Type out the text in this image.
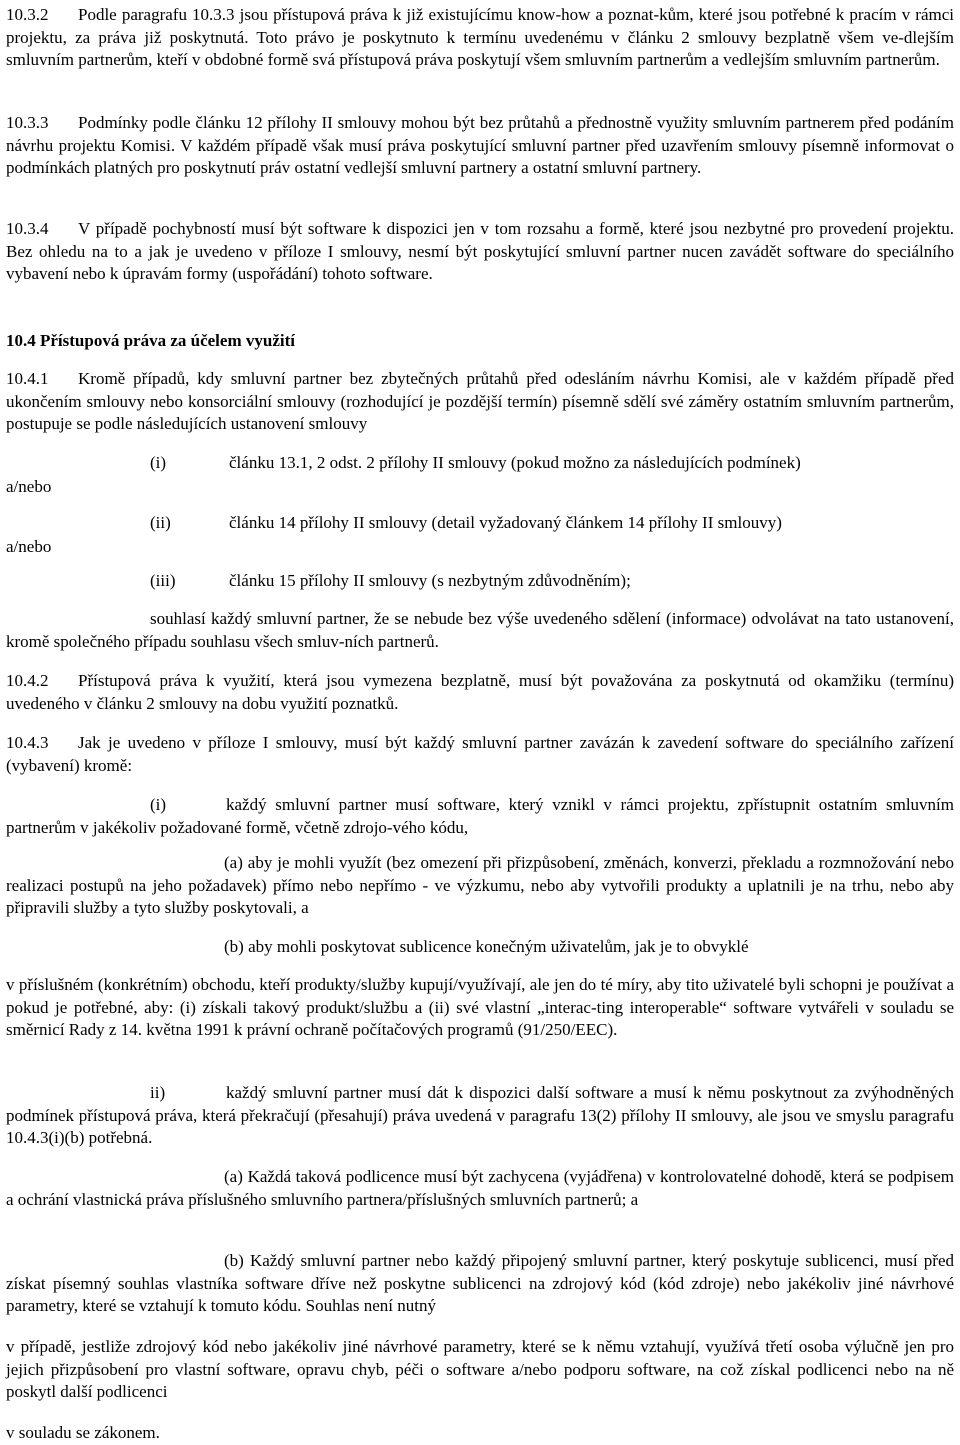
10.3.2 Podle paragrafu 10.3.3 jsou přístupová práva k již existujícímu know-how a poznat-kům, které jsou potřebné k pracím v rámci projektu, za práva již poskytnutá. Toto právo je poskytnuto k termínu uvedenému v článku 2 smlouvy bezplatně všem ve-dlejším smluvním partnerům, kteří v obdobné formě svá přístupová práva poskytují všem smluvním partnerům a vedlejším smluvním partnerům.

10.3.3 Podmínky podle článku 12 přílohy II smlouvy mohou být bez průtahů a přednostně využity smluvním partnerem před podáním návrhu projektu Komisi. V každém případě však musí práva poskytující smluvní partner před uzavřením smlouvy písemně informovat o podmínkách platných pro poskytnutí práv ostatní vedlejší smluvní partnery a ostatní smluvní partnery.

10.3.4 V případě pochybností musí být software k dispozici jen v tom rozsahu a formě, které jsou nezbytné pro provedení projektu. Bez ohledu na to a jak je uvedeno v příloze I smlouvy, nesmí být poskytující smluvní partner nucen zavádět software do speciálního vybavení nebo k úpravám formy (uspořádání) tohoto software.

10.4 Přístupová práva za účelem využití

10.4.1 Kromě případů, kdy smluvní partner bez zbytečných průtahů před odesláním návrhu Komisi, ale v každém případě před ukončením smlouvy nebo konsorciální smlouvy (rozhodující je pozdější termín) písemně sdělí své záměry ostatním smluvním partnerům, postupuje se podle následujících ustanovení smlouvy

(i)	článku 13.1, 2 odst. 2 přílohy II smlouvy (pokud možno za následujících podmínek)
a/nebo
(ii)	článku 14 přílohy II smlouvy (detail vyžadovaný článkem 14 přílohy II smlouvy)
a/nebo
(iii)	článku 15 přílohy II smlouvy (s nezbytným zdůvodněním);

souhlasí každý smluvní partner, že se nebude bez výše uvedeného sdělení (informace) odvolávat na tato ustanovení, kromě společného případu souhlasu všech smluv-ních partnerů.

10.4.2 Přístupová práva k využití, která jsou vymezena bezplatně, musí být považována za poskytnutá od okamžiku (termínu) uvedeného v článku 2 smlouvy na dobu využití poznatků.

10.4.3 Jak je uvedeno v příloze I smlouvy, musí být každý smluvní partner zavázán k zavedení software do speciálního zařízení (vybavení) kromě:

(i)	každý smluvní partner musí software, který vznikl v rámci projektu, zpřístupnit ostatním smluvním partnerům v jakékoliv požadované formě, včetně zdrojo-vého kódu,

(a) aby je mohli využít (bez omezení při přizpůsobení, změnách, konverzi, překladu a rozmnožování nebo realizaci postupů na jeho požadavek) přímo nebo nepřímo - ve výzkumu, nebo aby vytvořili produkty a uplatnili je na trhu, nebo aby připravili služby a tyto služby poskytovali, a

(b) aby mohli poskytovat sublicence konečným uživatelům, jak je to obvyklé

v příslušném (konkrétním) obchodu, kteří produkty/služby kupují/využívají, ale jen do té míry, aby tito uživatelé byli schopni je používat a pokud je potřebné, aby: (i) získali takový produkt/službu a (ii) své vlastní „interac-ting interoperable“ software vytvářeli v souladu se směrnicí Rady z 14. května 1991 k právní ochraně počítačových programů (91/250/EEC).

ii)	každý smluvní partner musí dát k dispozici další software a musí k němu poskytnout za zvýhodněných podmínek přístupová práva, která překračují (přesahují) práva uvedená v paragrafu 13(2) přílohy II smlouvy, ale jsou ve smyslu paragrafu 10.4.3(i)(b) potřebná.

(a) Každá taková podlicence musí být zachycena (vyjádřena) v kontrolovatelné dohodě, která se podpisem a ochrání vlastnická práva příslušného smluvního partnera/příslušných smluvních partnerů; a

(b) Každý smluvní partner nebo každý připojený smluvní partner, který poskytuje sublicenci, musí před získat písemný souhlas vlastníka software dříve než poskytne sublicenci na zdrojový kód (kód zdroje) nebo jakékoliv jiné návrhové parametry, které se vztahují k tomuto kódu. Souhlas není nutný

v případě, jestliže zdrojový kód nebo jakékoliv jiné návrhové parametry, které se k němu vztahují, využívá třetí osoba výlučně jen pro jejich přizpůsobení pro vlastní software, opravu chyb, péči o software a/nebo podporu software, na což získal podlicenci nebo na ně poskytl další podlicenci

v souladu se zákonem.
